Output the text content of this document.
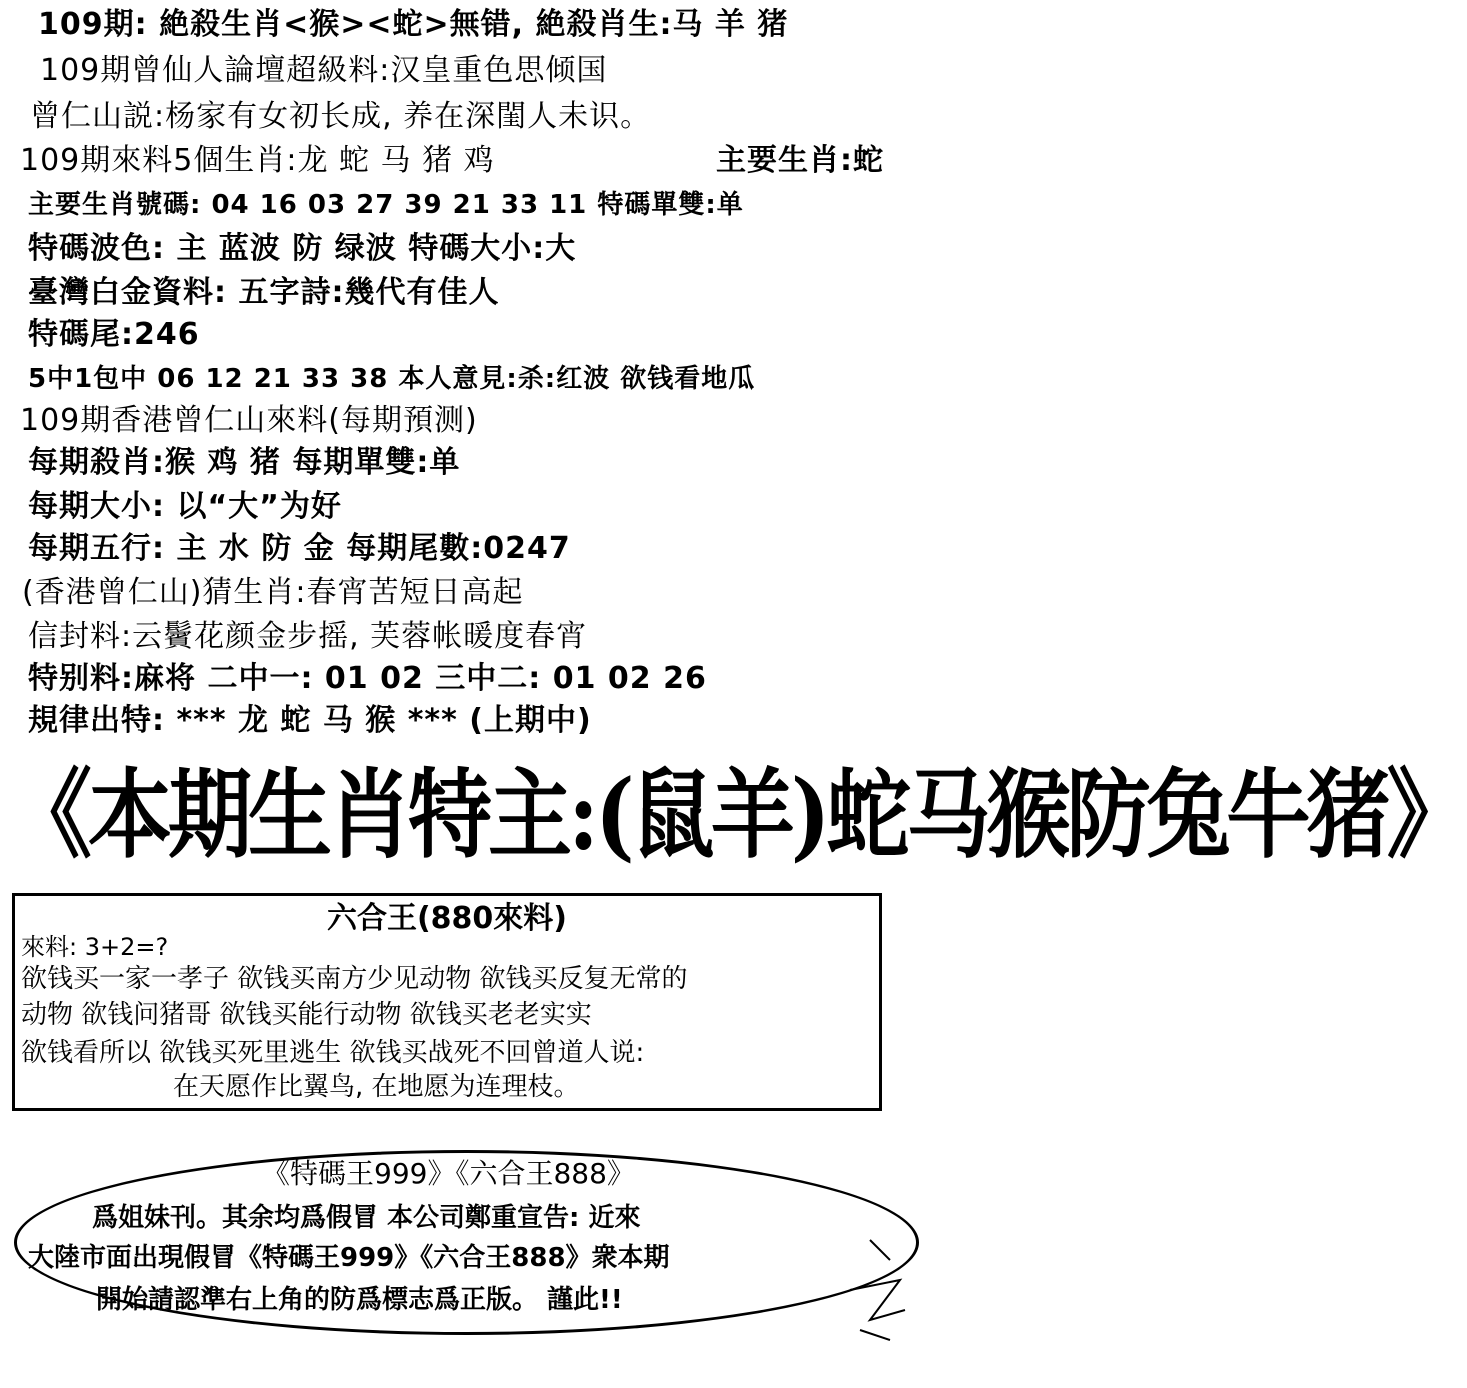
109期: 絶殺生肖<猴><蛇>無错, 絶殺肖生:马 羊 猪
109期曾仙人論壇超級料:汉皇重色思倾国
曾仁山説:杨家有女初长成, 养在深閨人未识。
109期來料5個生肖:龙 蛇 马 猪 鸡	主要生肖:蛇
主要生肖號碼: 04 16 03 27 39 21 33 11 特碼單雙:单
特碼波色: 主 蓝波 防 绿波 特碼大小:大
臺灣白金資料: 五字詩:幾代有佳人
特碼尾:246
5中1包中 06 12 21 33 38 本人意見:杀:红波 欲钱看地瓜
109期香港曾仁山來料(每期預测)
每期殺肖:猴 鸡 猪 每期單雙:单
每期大小: 以“大”为好
每期五行: 主 水 防 金 每期尾數:0247
(香港曾仁山)猜生肖:春宵苦短日高起
信封料:云鬢花颜金步摇, 芙蓉帐暖度春宵
特别料:麻将 二中一: 01 02 三中二: 01 02 26
規律出特: *** 龙 蛇 马 猴 *** (上期中)
《本期生肖特主:(鼠羊)蛇马猴防兔牛猪》
六合王(880來料)
來料: 3+2=?
欲钱买一家一孝子 欲钱买南方少见动物 欲钱买反复无常的
动物 欲钱问猪哥 欲钱买能行动物 欲钱买老老实实
欲钱看所以 欲钱买死里逃生 欲钱买战死不回曾道人说:
在天愿作比翼鸟, 在地愿为连理枝。
《特碼王999》《六合王888》
爲姐妹刊。其余均爲假冒 本公司鄭重宣告: 近來
大陸市面出現假冒《特碼王999》《六合王888》衆本期
開始請認準右上角的防爲標志爲正版。 謹此!!
